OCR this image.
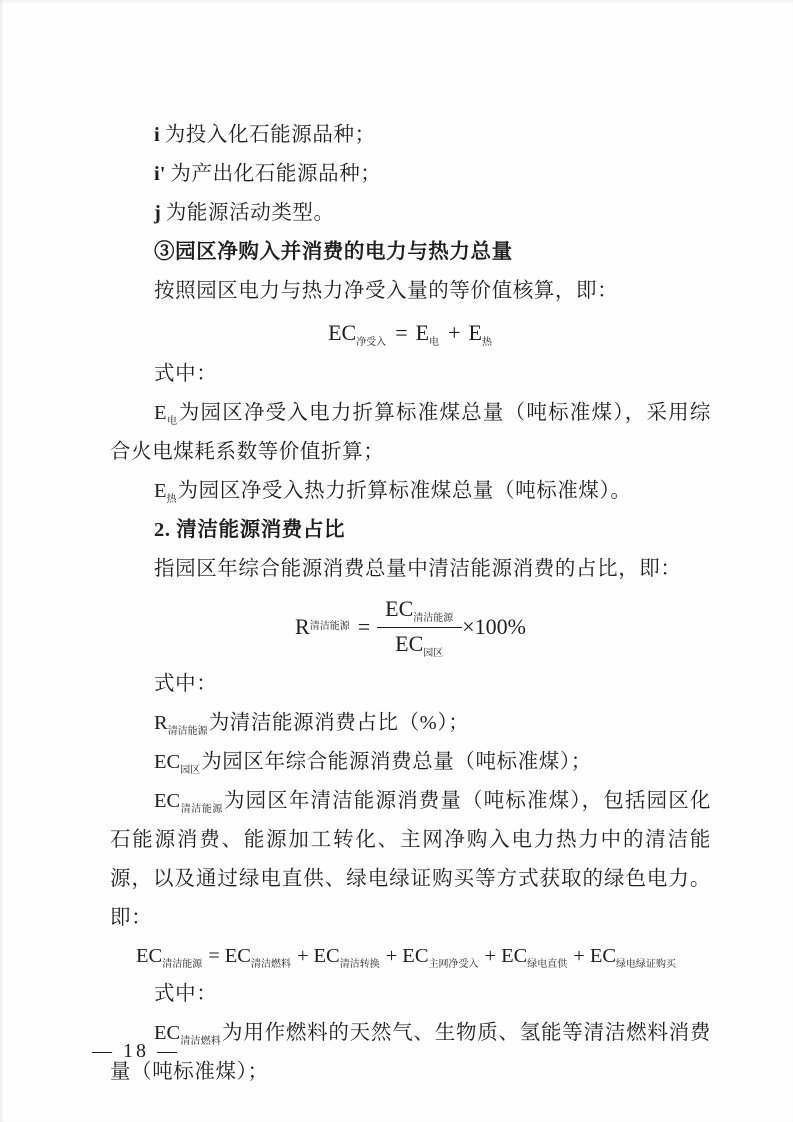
i 为投入化石能源品种；

i' 为产出化石能源品种；

j 为能源活动类型。

③园区净购入并消费的电力与热力总量

按照园区电力与热力净受入量的等价值核算，即：

$EC_{净受入} = E_电 + E_热$

式中：

$E_电$为园区净受入电力折算标准煤总量（吨标准煤），采用综合火电煤耗系数等价值折算；

$E_热$为园区净受入热力折算标准煤总量（吨标准煤）。

2. 清洁能源消费占比

指园区年综合能源消费总量中清洁能源消费的占比，即：

R 清洁能源 = $\frac{EC_{清洁能源}}{EC_{园区}} \times 100\%$

式中：

$R_{清洁能源}$为清洁能源消费占比（%）；

$EC_{园区}$为园区年综合能源消费总量（吨标准煤）；

$EC_{清洁能源}$为园区年清洁能源消费量（吨标准煤），包括园区化石能源消费、能源加工转化、主网净购入电力热力中的清洁能源，以及通过绿电直供、绿电绿证购买等方式获取的绿色电力。即：

$EC_{清洁能源} = EC_{清洁燃料} + EC_{清洁转换} + EC_{主网净受入} + EC_{绿电直供} + EC_{绿电绿证购买}$

式中：

$EC_{清洁燃料}$为用作燃料的天然气、生物质、氢能等清洁燃料消费量（吨标准煤）；

— 18 —
